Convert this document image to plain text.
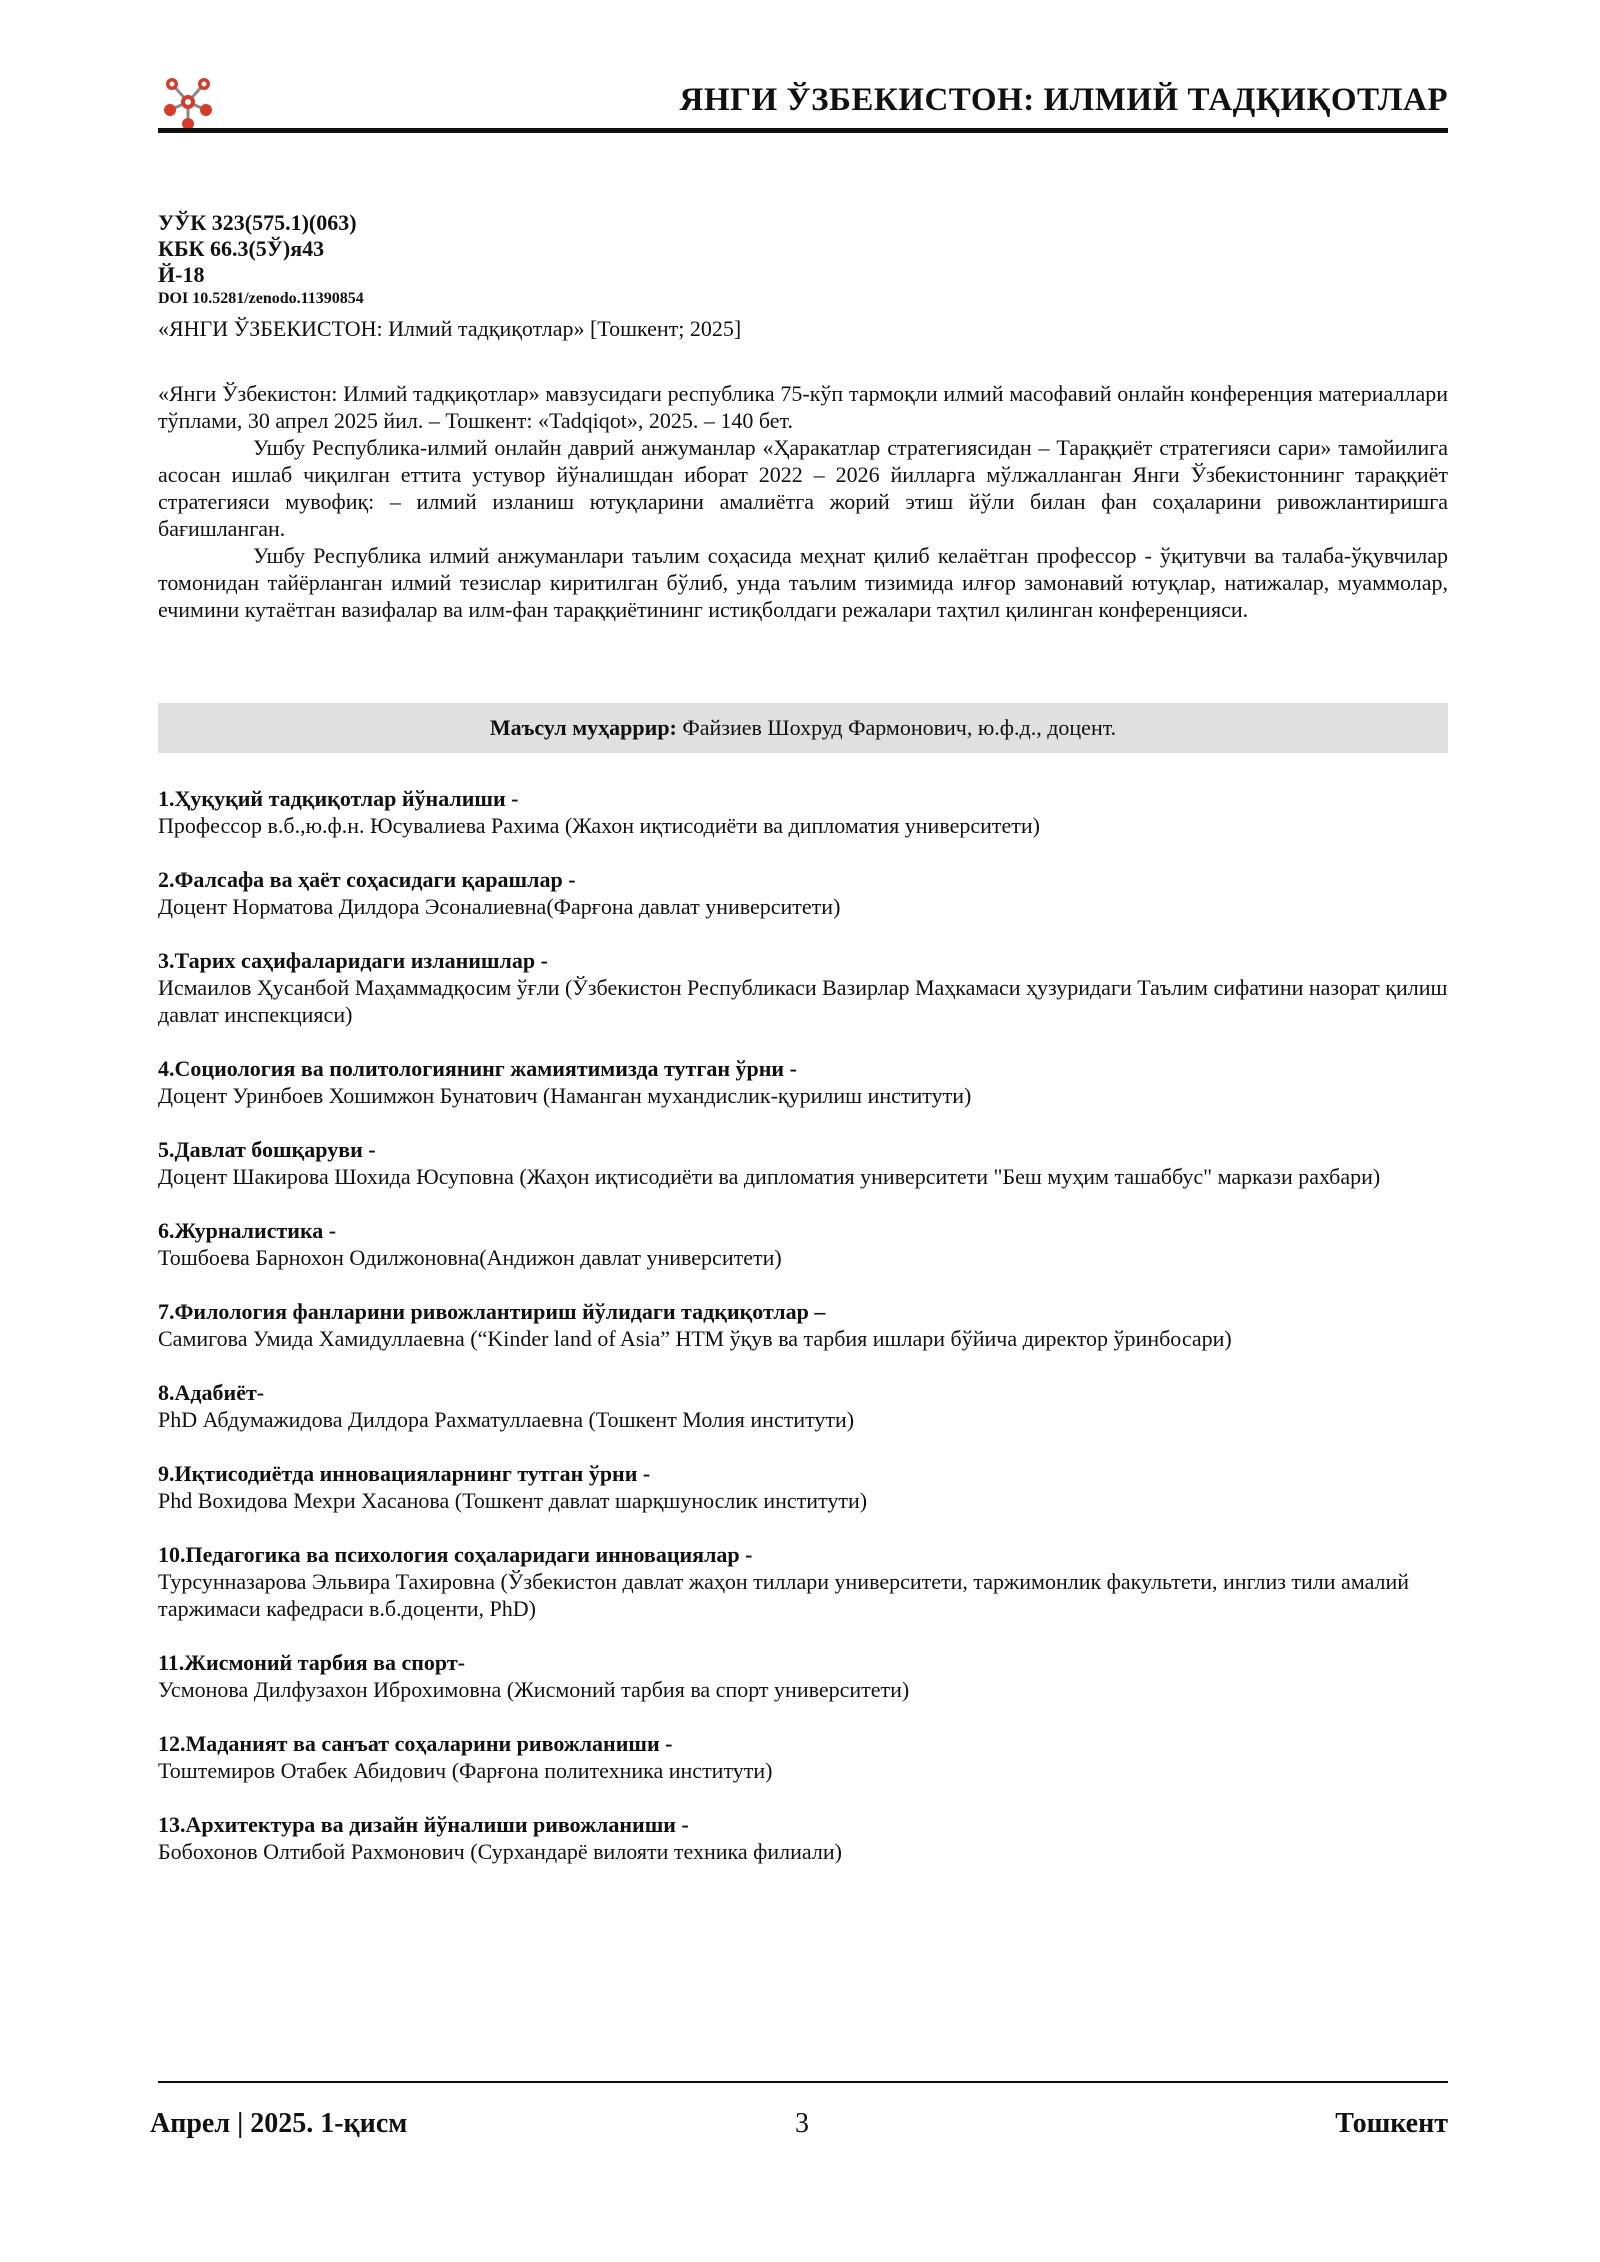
ЯНГИ ЎЗБЕКИСТОН: ИЛМИЙ ТАДҚИҚОТЛАР
УЎК 323(575.1)(063)
КБК 66.3(5Ў)я43
Й-18
DOI 10.5281/zenodo.11390854
«ЯНГИ ЎЗБЕКИСТОН: Илмий тадқиқотлар» [Тошкент; 2025]

«Янги Ўзбекистон: Илмий тадқиқотлар» мавзусидаги республика 75-кўп тармоқли илмий масофавий онлайн конференция материаллари тўплами, 30 апрел 2025 йил. – Тошкент: «Tadqiqot», 2025. – 140 бет.

Ушбу Республика-илмий онлайн даврий анжуманлар «Ҳаракатлар стратегиясидан – Тараққиёт стратегияси сари» тамойилига асосан ишлаб чиқилган еттита устувор йўналишдан иборат 2022 – 2026 йилларга мўлжалланган Янги Ўзбекистоннинг тараққиёт стратегияси мувофиқ: – илмий изланиш ютуқларини амалиётга жорий этиш йўли билан фан соҳаларини ривожлантиришга бағишланган.

Ушбу Республика илмий анжуманлари таълим соҳасида меҳнат қилиб келаётган профессор - ўқитувчи ва талаба-ўқувчилар томонидан тайёрланган илмий тезислар киритилган бўлиб, унда таълим тизимида илғор замонавий ютуқлар, натижалар, муаммолар, ечимини кутаётган вазифалар ва илм-фан тараққиётининг истиқболдаги режалари таҳтил қилинган конференцияси.

Маъсул муҳаррир: Файзиев Шохруд Фармонович, ю.ф.д., доцент.
1.Ҳуқуқий тадқиқотлар йўналиши -
Профессор в.б.,ю.ф.н. Юсувалиева Рахима (Жахон иқтисодиёти ва дипломатия университети)
2.Фалсафа ва ҳаёт соҳасидаги қарашлар -
Доцент Норматова Дилдора Эсоналиевна(Фарғона давлат университети)
3.Тарих саҳифаларидаги изланишлар -
Исмаилов Ҳусанбой Маҳаммадқосим ўғли (Ўзбекистон Республикаси Вазирлар Маҳкамаси ҳузуридаги Таълим сифатини назорат қилиш давлат инспекцияси)
4.Социология ва политологиянинг жамиятимизда тутган ўрни -
Доцент Уринбоев Хошимжон Бунатович (Наманган мухандислик-қурилиш институти)
5.Давлат бошқаруви -
Доцент Шакирова Шохида Юсуповна (Жаҳон иқтисодиёти ва дипломатия университети "Беш муҳим ташаббус" маркази рахбари)
6.Журналистика -
Тошбоева Барнохон Одилжоновна(Андижон давлат университети)
7.Филология фанларини ривожлантириш йўлидаги тадқиқотлар –
Самигова Умида Хамидуллаевна (“Kinder land of Asia” НТМ ўқув ва тарбия ишлари бўйича директор ўринбосари)
8.Адабиёт-
PhD Абдумажидова Дилдора Рахматуллаевна (Тошкент Молия институти)
9.Иқтисодиётда инновацияларнинг тутган ўрни -
Phd Вохидова Мехри Хасанова (Тошкент давлат шарқшунослик институти)
10.Педагогика ва психология соҳаларидаги инновациялар -
Турсунназарова Эльвира Тахировна (Ўзбекистон давлат жаҳон тиллари университети, таржимонлик факультети, инглиз тили амалий таржимаси кафедраси в.б.доценти, PhD)
11.Жисмоний тарбия ва спорт-
Усмонова Дилфузахон Иброхимовна (Жисмоний тарбия ва спорт университети)
12.Маданият ва санъат соҳаларини ривожланиши -
Тоштемиров Отабек Абидович (Фарғона политехника институти)
13.Архитектура ва дизайн йўналиши ривожланиши -
Бобохонов Олтибой Рахмонович (Сурхандарё вилояти техника филиали)
Апрел | 2025. 1-қисм	3	Тошкент
